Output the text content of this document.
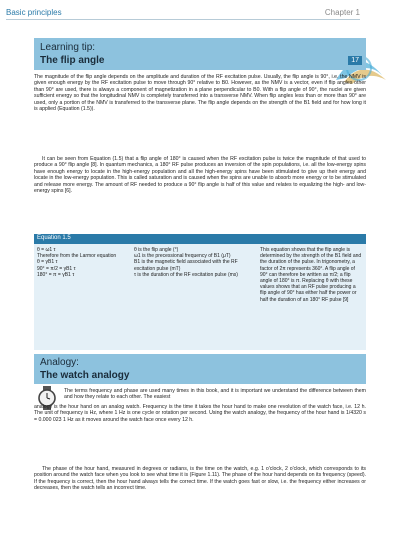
Basic principles	Chapter 1
Learning tip:
The flip angle	17
The magnitude of the flip angle depends on the amplitude and duration of the RF excitation pulse. Usually, the flip angle is 90°, i.e. the NMV is given enough energy by the RF excitation pulse to move through 90° relative to B0. However, as the NMV is a vector, even if flip angles other than 90° are used, there is always a component of magnetization in a plane perpendicular to B0. With a flip angle of 90°, the nuclei are given sufficient energy so that the longitudinal NMV is completely transferred into a transverse NMV. When flip angles less than or more than 90° are used, only a portion of the NMV is transferred to the transverse plane. The flip angle depends on the strength of the B1 field and for how long it is applied (Equation (1.5)).
It can be seen from Equation (1.5) that a flip angle of 180° is caused when the RF excitation pulse is twice the magnitude of that used to produce a 90° flip angle [8]. In quantum mechanics, a 180° RF pulse produces an inversion of the spin populations, i.e. all the low-energy spins have enough energy to locate in the high-energy population and all the high-energy spins have been stimulated to give up their energy and locate in the low-energy population. This is called saturation and is caused when the spins are unable to absorb more energy or to be stimulated and release more energy. The amount of RF needed to produce a 90° flip angle is half of this value and relates to equalizing the high- and low-energy spins [6].
Equation 1.5
θ = ω1 τ
Therefore from the Larmor equation
θ = γB1 τ
90° = π/2 = γB1 τ
180° = π = γB1 τ
θ is the flip angle (°)
ω1 is the precessional frequency of B1 (μT)
B1 is the magnetic field associated with the RF excitation pulse (mT)
τ is the duration of the RF excitation pulse (ms)
This equation shows that the flip angle is determined by the strength of the B1 field and the duration of the pulse. In trigonometry, a factor of 2π represents 360°. A flip angle of 90° can therefore be written as π/2; a flip angle of 180° is π. Replacing θ with these values shows that an RF pulse producing a flip angle of 90° has either half the power or half the duration of an 180° RF pulse [9]
Analogy:
The watch analogy
The terms frequency and phase are used many times in this book, and it is important we understand the difference between them and how they relate to each other. The easiest
analogy is the hour hand on an analog watch. Frequency is the time it takes the hour hand to make one revolution of the watch face, i.e. 12 h. The unit of frequency is Hz, where 1 Hz is one cycle or rotation per second. Using the watch analogy, the frequency of the hour hand is 1/4320 s = 0.000 023 1 Hz as it moves around the watch face once every 12 h.
The phase of the hour hand, measured in degrees or radians, is the time on the watch, e.g. 1 o'clock, 2 o'clock, which corresponds to its position around the watch face when you look to see what time it is (Figure 1.11). The phase of the hour hand depends on its frequency (speed). If the frequency is correct, then the hour hand always tells the correct time. If the watch goes fast or slow, i.e. the frequency either increases or decreases, then the watch tells an incorrect time.
